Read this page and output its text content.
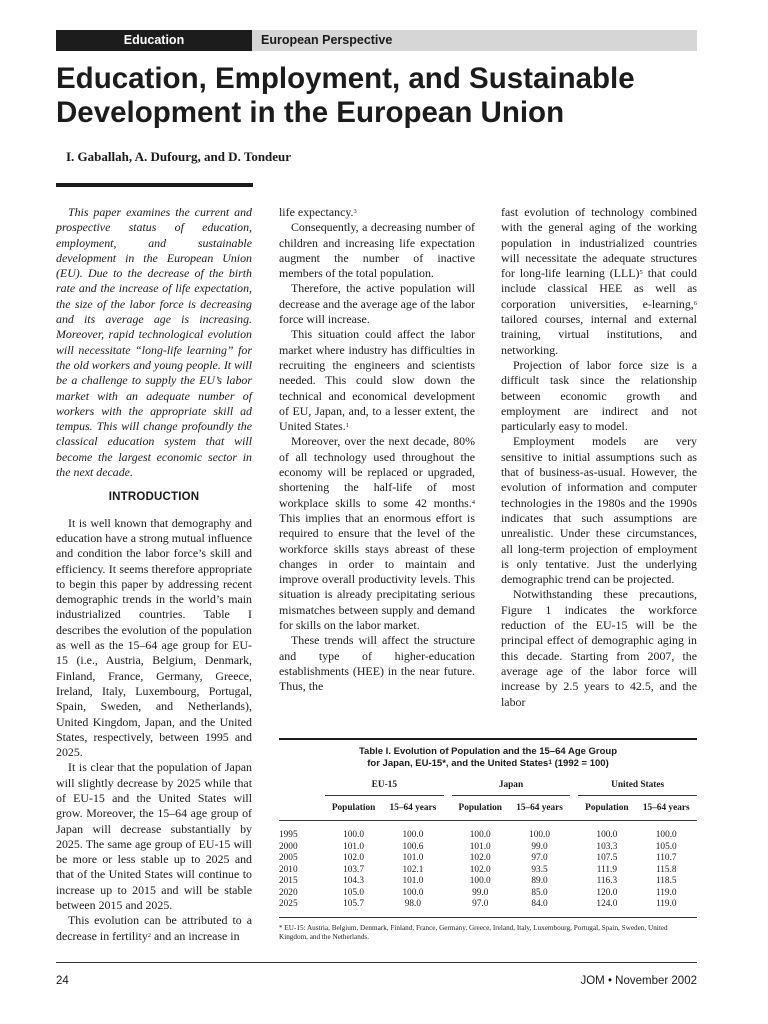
Education	European Perspective
Education, Employment, and Sustainable Development in the European Union
I. Gaballah, A. Dufourg, and D. Tondeur

This paper examines the current and prospective status of education, employment, and sustainable development in the European Union (EU). Due to the decrease of the birth rate and the increase of life expectation, the size of the labor force is decreasing and its average age is increasing. Moreover, rapid technological evolution will necessitate “long-life learning” for the old workers and young people. It will be a challenge to supply the EU’s labor market with an adequate number of workers with the appropriate skill ad tempus. This will change profoundly the classical education system that will become the largest economic sector in the next decade.

INTRODUCTION

It is well known that demography and education have a strong mutual influence and condition the labor force’s skill and efficiency. It seems therefore appropriate to begin this paper by addressing recent demographic trends in the world’s main industrialized countries. Table I describes the evolution of the population as well as the 15–64 age group for EU-15 (i.e., Austria, Belgium, Denmark, Finland, France, Germany, Greece, Ireland, Italy, Luxembourg, Portugal, Spain, Sweden, and Netherlands), United Kingdom, Japan, and the United States, respectively, between 1995 and 2025.

It is clear that the population of Japan will slightly decrease by 2025 while that of EU-15 and the United States will grow. Moreover, the 15–64 age group of Japan will decrease substantially by 2025. The same age group of EU-15 will be more or less stable up to 2025 and that of the United States will continue to increase up to 2015 and will be stable between 2015 and 2025.

This evolution can be attributed to a decrease in fertility$^2$ and an increase in

life expectancy.$^3$

Consequently, a decreasing number of children and increasing life expectation augment the number of inactive members of the total population.

Therefore, the active population will decrease and the average age of the labor force will increase.

This situation could affect the labor market where industry has difficulties in recruiting the engineers and scientists needed. This could slow down the technical and economical development of EU, Japan, and, to a lesser extent, the United States.$^1$

Moreover, over the next decade, 80% of all technology used throughout the economy will be replaced or upgraded, shortening the half-life of most workplace skills to some 42 months.$^4$ This implies that an enormous effort is required to ensure that the level of the workforce skills stays abreast of these changes in order to maintain and improve overall productivity levels. This situation is already precipitating serious mismatches between supply and demand for skills on the labor market.

These trends will affect the structure and type of higher-education establishments (HEE) in the near future. Thus, the

fast evolution of technology combined with the general aging of the working population in industrialized countries will necessitate the adequate structures for long-life learning (LLL)$^5$ that could include classical HEE as well as corporation universities, e-learning,$^6$ tailored courses, internal and external training, virtual institutions, and networking.

Projection of labor force size is a difficult task since the relationship between economic growth and employment are indirect and not particularly easy to model.

Employment models are very sensitive to initial assumptions such as that of business-as-usual. However, the evolution of information and computer technologies in the 1980s and the 1990s indicates that such assumptions are unrealistic. Under these circumstances, all long-term projection of employment is only tentative. Just the underlying demographic trend can be projected.

Notwithstanding these precautions, Figure 1 indicates the workforce reduction of the EU-15 will be the principal effect of demographic aging in this decade. Starting from 2007, the average age of the labor force will increase by 2.5 years to 42.5, and the labor

Table I. Evolution of Population and the 15–64 Age Group
for Japan, EU-15*, and the United States$^1$ (1992 = 100)
	EU-15			Japan			United States	
	Population	15–64 years		Population	15–64 years		Population	15–64 years

1995	100.0	100.0		100.0	100.0		100.0	100.0
2000	101.0	100.6		101.0	99.0		103.3	105.0
2005	102.0	101.0		102.0	97.0		107.5	110.7
2010	103.7	102.1		102.0	93.5		111.9	115.8
2015	104.3	101.0		100.0	89.0		116.3	118.5
2020	105.0	100.0		99.0	85.0		120.0	119.0
2025	105.7	98.0		97.0	84.0		124.0	119.0
* EU-15: Austria, Belgium, Denmark, Finland, France, Germany, Greece, Ireland, Italy, Luxembourg, Portugal, Spain, Sweden, United Kingdom, and the Netherlands.
24	JOM • November 2002
